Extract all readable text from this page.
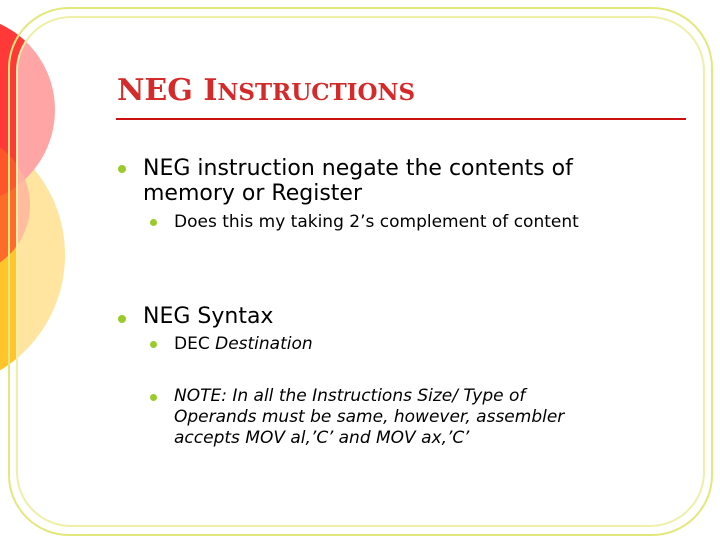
NEG INSTRUCTIONS
NEG instruction negate the contents of
memory or Register
Does this my taking 2’s complement of content
NEG Syntax
DEC Destination
NOTE: In all the Instructions Size/ Type of
Operands must be same, however, assembler
accepts MOV al,’C’ and MOV ax,’C’
